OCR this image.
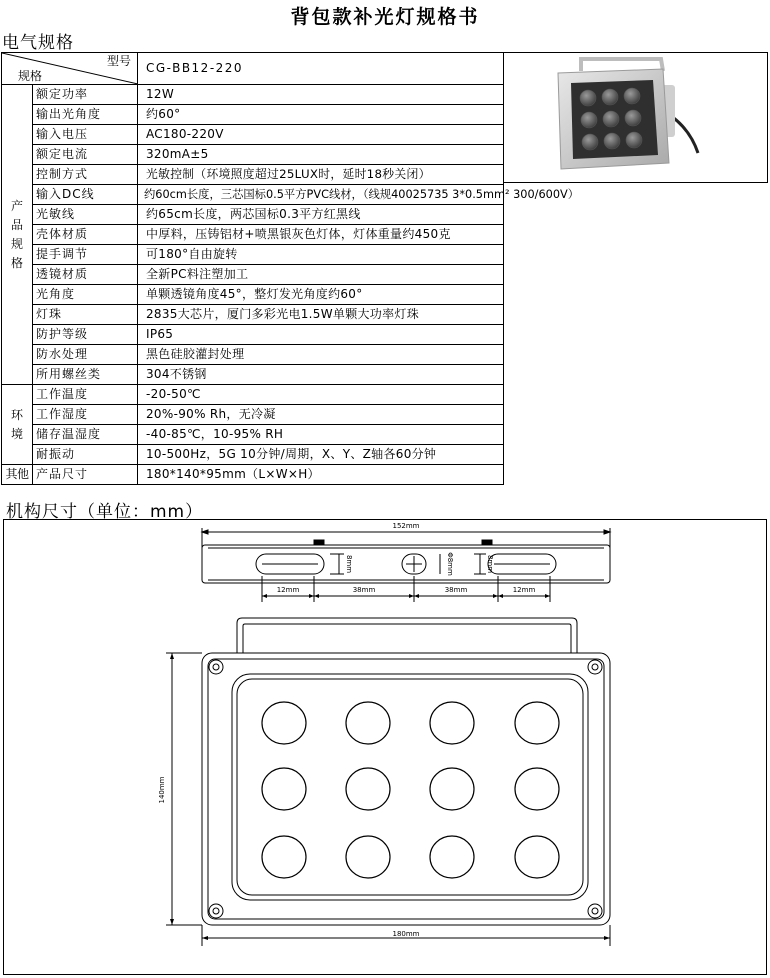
背包款补光灯规格书
电气规格
型号
规格		CG-BB12-220
产品规格	额定功率	12W
	输出光角度	约60°
	输入电压	AC180-220V
	额定电流	320mA±5
	控制方式	光敏控制（环境照度超过25LUX时，延时18秒关闭）
	输入DC线	约60cm长度，三芯国标0.5平方PVC线材，（线规40025735 3*0.5mm² 300/600V）
	光敏线	约65cm长度，两芯国标0.3平方红黑线
	壳体材质	中厚料，压铸铝材+喷黑银灰色灯体，灯体重量约450克
	提手调节	可180°自由旋转
	透镜材质	全新PC料注塑加工
	光角度	单颗透镜角度45°，整灯发光角度约60°
	灯珠	2835大芯片，厦门多彩光电1.5W单颗大功率灯珠
	防护等级	IP65
	防水处理	黑色硅胶灌封处理
	所用螺丝类	304不锈钢
环境	工作温度	-20-50℃
	工作湿度	20%-90% Rh，无冷凝
	储存温湿度	-40-85℃，10-95% RH
	耐振动	10-500Hz，5G 10分钟/周期，X、Y、Z轴各60分钟
其他	产品尺寸	180*140*95mm（L×W×H）
机构尺寸（单位：mm）
152mm
8mm	Φ8mm	8mm
12mm	38mm	38mm	12mm
140mm
180mm
